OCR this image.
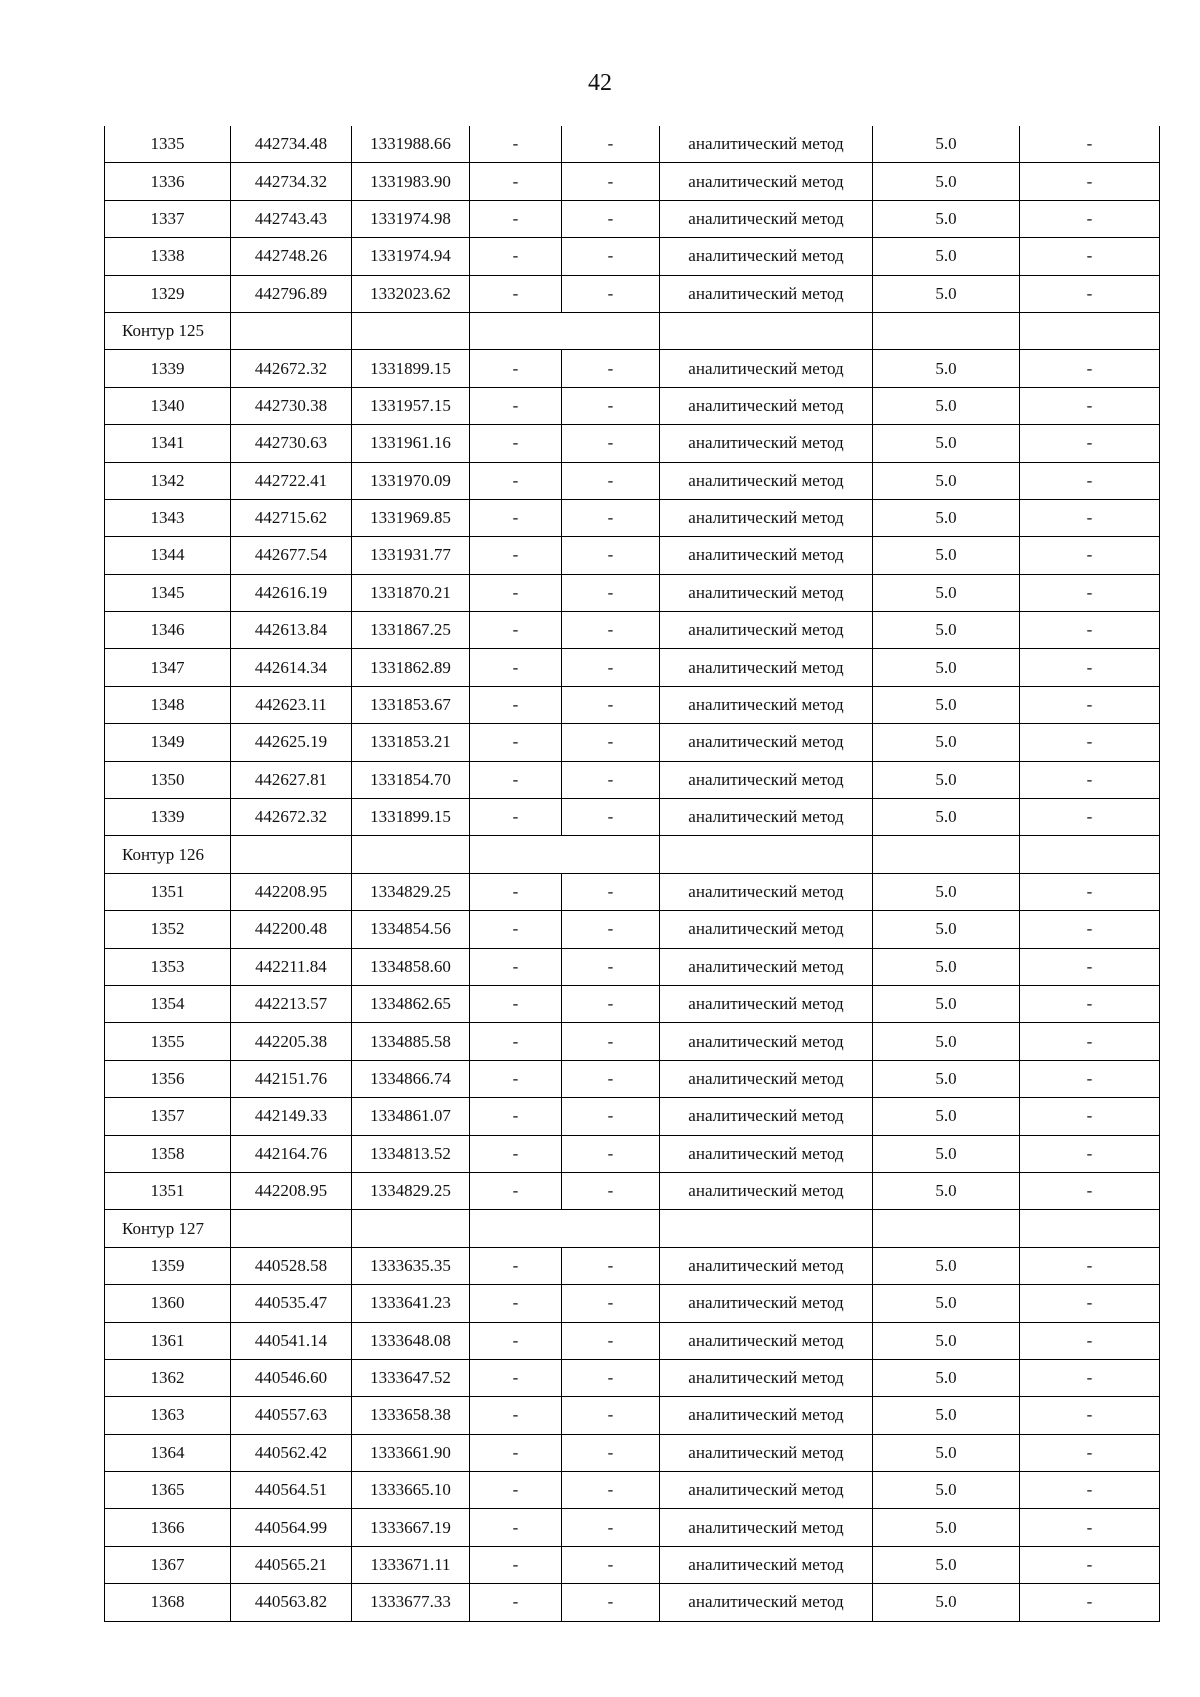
42
1335	442734.48	1331988.66	-	-	аналитический метод	5.0	-
1336	442734.32	1331983.90	-	-	аналитический метод	5.0	-
1337	442743.43	1331974.98	-	-	аналитический метод	5.0	-
1338	442748.26	1331974.94	-	-	аналитический метод	5.0	-
1329	442796.89	1332023.62	-	-	аналитический метод	5.0	-
Контур 125							
1339	442672.32	1331899.15	-	-	аналитический метод	5.0	-
1340	442730.38	1331957.15	-	-	аналитический метод	5.0	-
1341	442730.63	1331961.16	-	-	аналитический метод	5.0	-
1342	442722.41	1331970.09	-	-	аналитический метод	5.0	-
1343	442715.62	1331969.85	-	-	аналитический метод	5.0	-
1344	442677.54	1331931.77	-	-	аналитический метод	5.0	-
1345	442616.19	1331870.21	-	-	аналитический метод	5.0	-
1346	442613.84	1331867.25	-	-	аналитический метод	5.0	-
1347	442614.34	1331862.89	-	-	аналитический метод	5.0	-
1348	442623.11	1331853.67	-	-	аналитический метод	5.0	-
1349	442625.19	1331853.21	-	-	аналитический метод	5.0	-
1350	442627.81	1331854.70	-	-	аналитический метод	5.0	-
1339	442672.32	1331899.15	-	-	аналитический метод	5.0	-
Контур 126							
1351	442208.95	1334829.25	-	-	аналитический метод	5.0	-
1352	442200.48	1334854.56	-	-	аналитический метод	5.0	-
1353	442211.84	1334858.60	-	-	аналитический метод	5.0	-
1354	442213.57	1334862.65	-	-	аналитический метод	5.0	-
1355	442205.38	1334885.58	-	-	аналитический метод	5.0	-
1356	442151.76	1334866.74	-	-	аналитический метод	5.0	-
1357	442149.33	1334861.07	-	-	аналитический метод	5.0	-
1358	442164.76	1334813.52	-	-	аналитический метод	5.0	-
1351	442208.95	1334829.25	-	-	аналитический метод	5.0	-
Контур 127							
1359	440528.58	1333635.35	-	-	аналитический метод	5.0	-
1360	440535.47	1333641.23	-	-	аналитический метод	5.0	-
1361	440541.14	1333648.08	-	-	аналитический метод	5.0	-
1362	440546.60	1333647.52	-	-	аналитический метод	5.0	-
1363	440557.63	1333658.38	-	-	аналитический метод	5.0	-
1364	440562.42	1333661.90	-	-	аналитический метод	5.0	-
1365	440564.51	1333665.10	-	-	аналитический метод	5.0	-
1366	440564.99	1333667.19	-	-	аналитический метод	5.0	-
1367	440565.21	1333671.11	-	-	аналитический метод	5.0	-
1368	440563.82	1333677.33	-	-	аналитический метод	5.0	-
